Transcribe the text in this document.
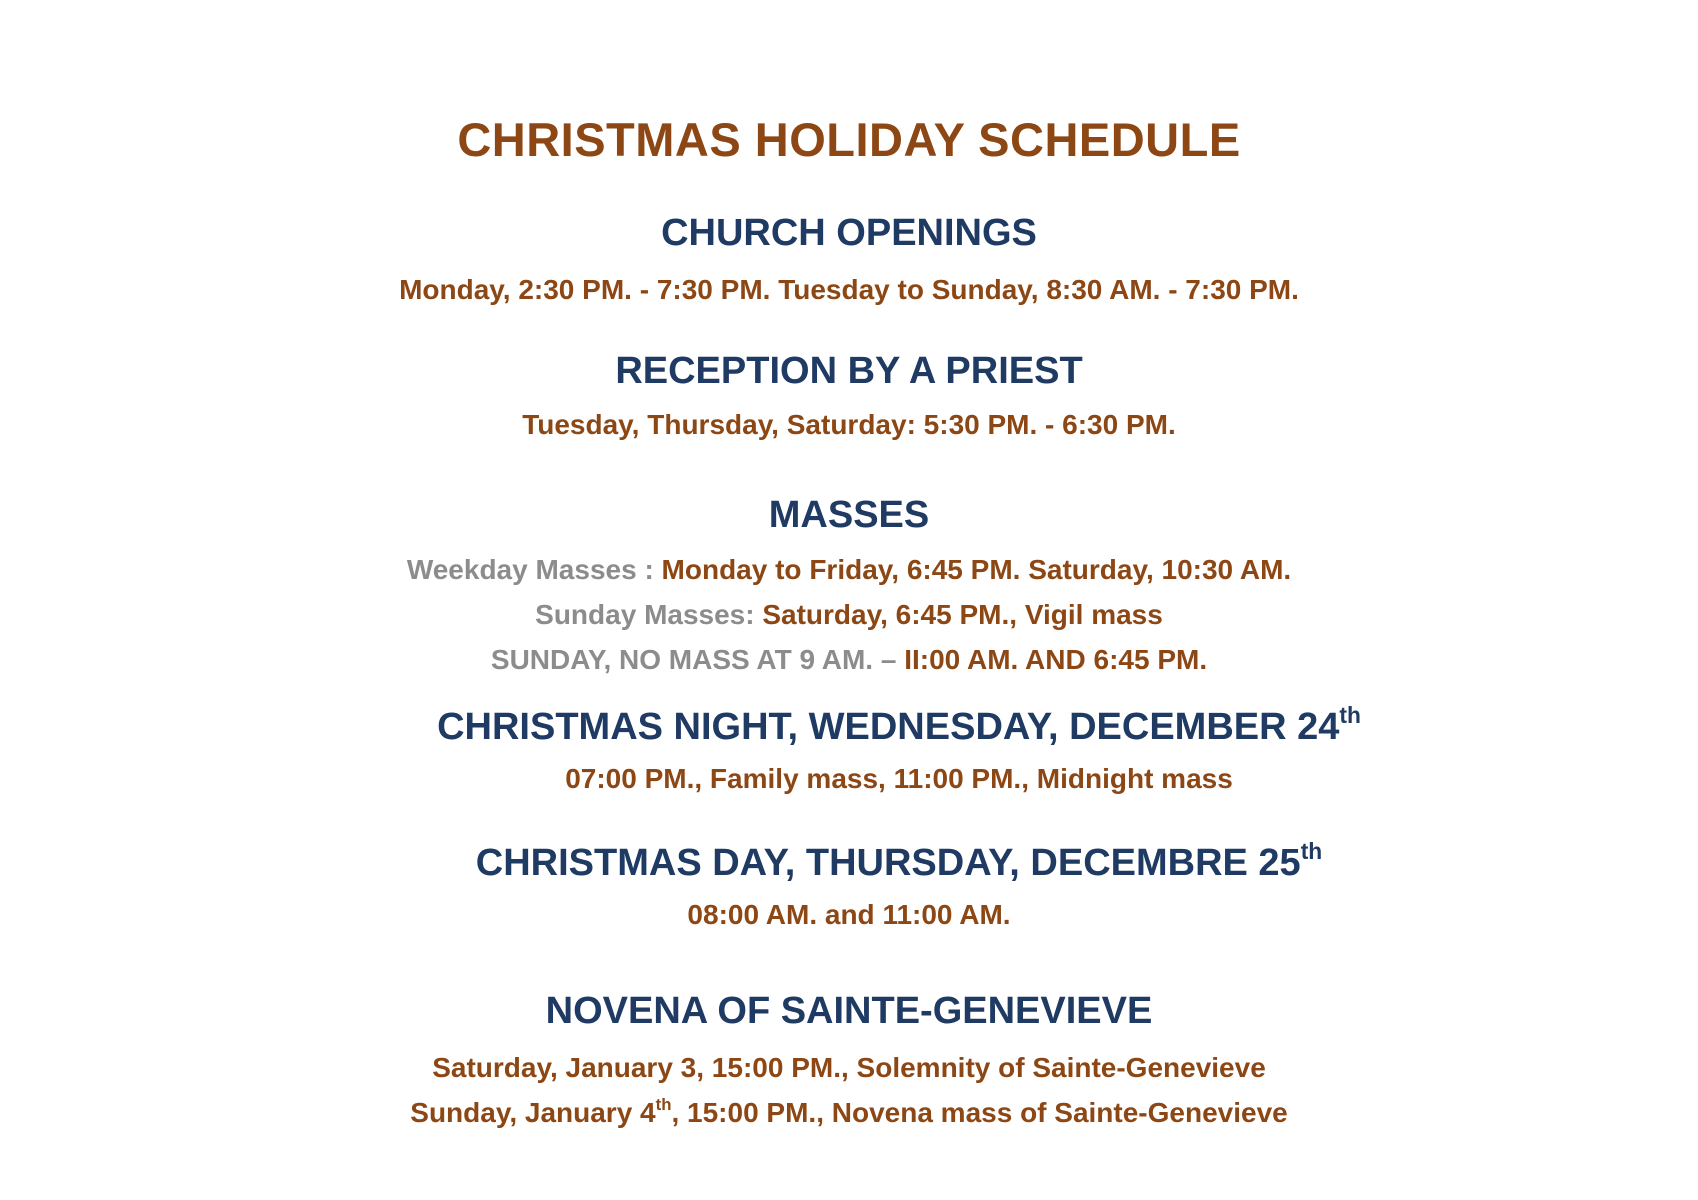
CHRISTMAS HOLIDAY SCHEDULE
CHURCH OPENINGS

Monday, 2:30 PM. - 7:30 PM. Tuesday to Sunday, 8:30 AM. - 7:30 PM.

RECEPTION BY A PRIEST

Tuesday, Thursday, Saturday: 5:30 PM. - 6:30 PM.

MASSES

Weekday Masses : Monday to Friday, 6:45 PM. Saturday, 10:30 AM.

Sunday Masses: Saturday, 6:45 PM., Vigil mass

SUNDAY, NO MASS AT 9 AM. – II:00 AM. AND 6:45 PM.

CHRISTMAS NIGHT, WEDNESDAY, DECEMBER 24th

07:00 PM., Family mass, 11:00 PM., Midnight mass

CHRISTMAS DAY, THURSDAY, DECEMBRE 25th

08:00 AM. and 11:00 AM.

NOVENA OF SAINTE-GENEVIEVE

Saturday, January 3, 15:00 PM., Solemnity of Sainte-Genevieve

Sunday, January 4th, 15:00 PM., Novena mass of Sainte-Genevieve
